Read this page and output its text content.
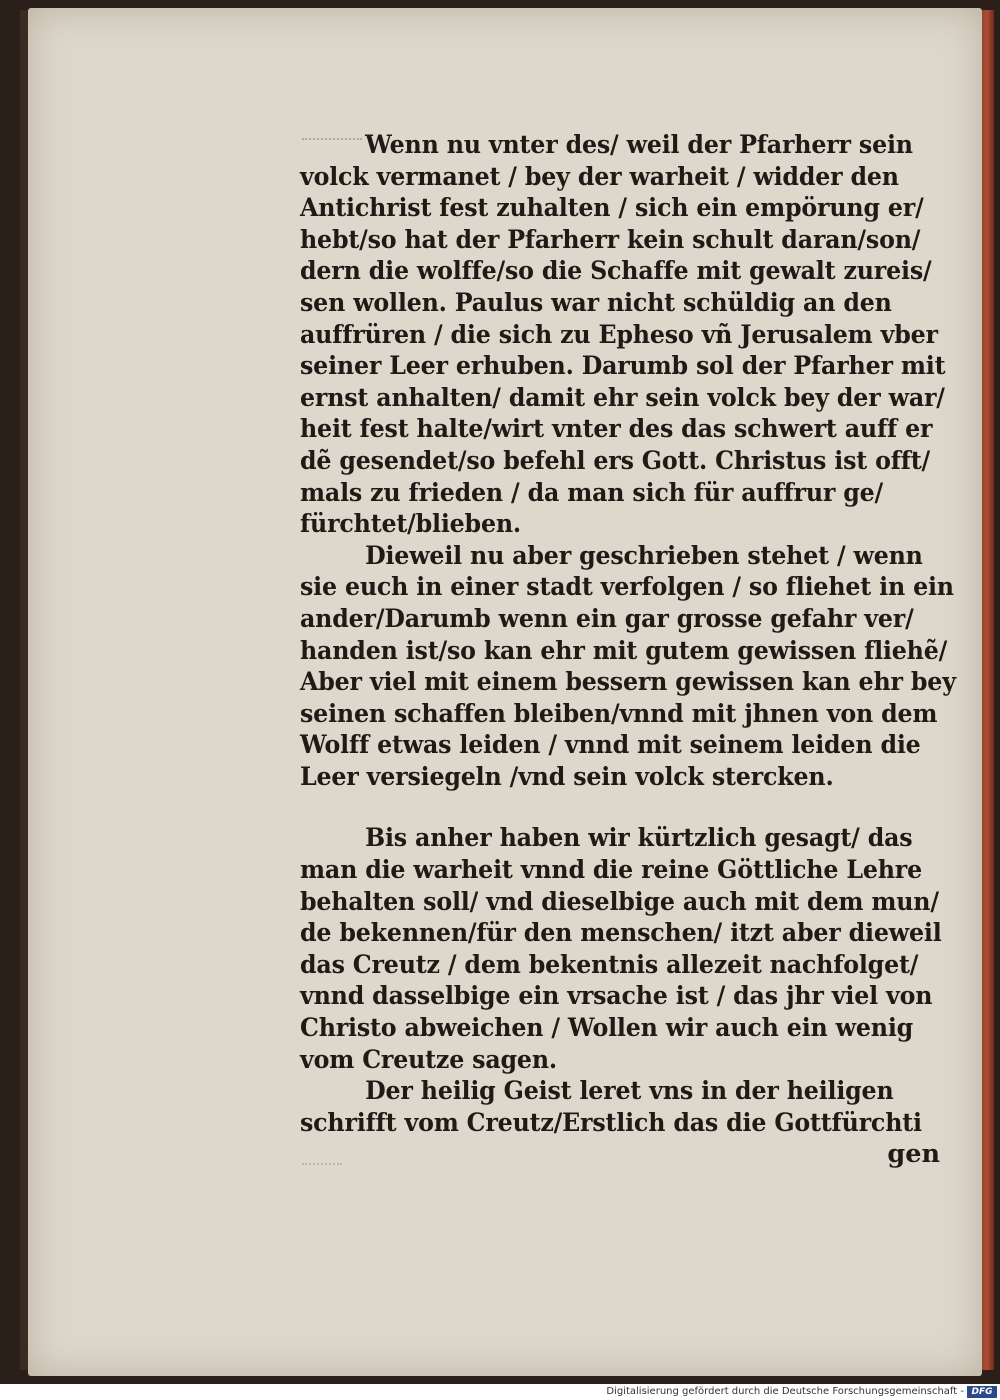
Wenn nu vnter des/ weil der Pfarherr sein
volck vermanet / bey der warheit / widder den
Antichrist fest zuhalten / sich ein empörung er/
hebt/so hat der Pfarherr kein schult daran/son/
dern die wolffe/so die Schaffe mit gewalt zureis/
sen wollen. Paulus war nicht schüldig an den
auffrüren / die sich zu Epheso vñ Jerusalem vber
seiner Leer erhuben. Darumb sol der Pfarher mit
ernst anhalten/ damit ehr sein volck bey der war/
heit fest halte/wirt vnter des das schwert auff er
dẽ gesendet/so befehl ers Gott. Christus ist offt/
mals zu frieden / da man sich für auffrur ge/
fürchtet/blieben.
Dieweil nu aber geschrieben stehet / wenn
sie euch in einer stadt verfolgen / so fliehet in ein
ander/Darumb wenn ein gar grosse gefahr ver/
handen ist/so kan ehr mit gutem gewissen fliehẽ/
Aber viel mit einem bessern gewissen kan ehr bey
seinen schaffen bleiben/vnnd mit jhnen von dem
Wolff etwas leiden / vnnd mit seinem leiden die
Leer versiegeln /vnd sein volck stercken.
Bis anher haben wir kürtzlich gesagt/ das
man die warheit vnnd die reine Göttliche Lehre
behalten soll/ vnd dieselbige auch mit dem mun/
de bekennen/für den menschen/ itzt aber dieweil
das Creutz / dem bekentnis allezeit nachfolget/
vnnd dasselbige ein vrsache ist / das jhr viel von
Christo abweichen / Wollen wir auch ein wenig
vom Creutze sagen.
Der heilig Geist leret vns in der heiligen
schrifft vom Creutz/Erstlich das die Gottfürchti
gen
Digitalisierung gefördert durch die Deutsche Forschungsgemeinschaft - DFG
